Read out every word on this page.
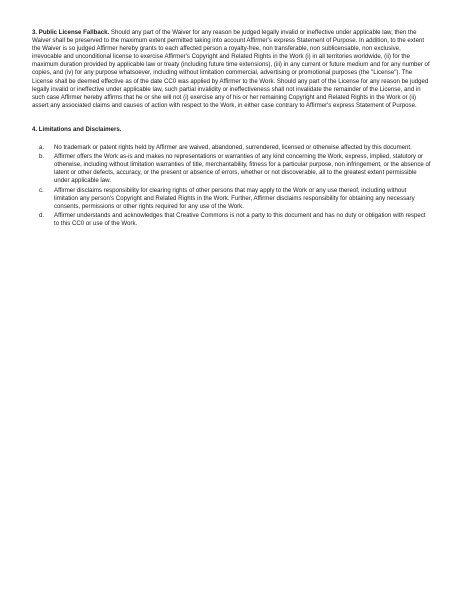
3. Public License Fallback. Should any part of the Waiver for any reason be judged legally invalid or ineffective under applicable law, then the Waiver shall be preserved to the maximum extent permitted taking into account Affirmer's express Statement of Purpose. In addition, to the extent the Waiver is so judged Affirmer hereby grants to each affected person a royalty-free, non transferable, non sublicensable, non exclusive, irrevocable and unconditional license to exercise Affirmer's Copyright and Related Rights in the Work (i) in all territories worldwide, (ii) for the maximum duration provided by applicable law or treaty (including future time extensions), (iii) in any current or future medium and for any number of copies, and (iv) for any purpose whatsoever, including without limitation commercial, advertising or promotional purposes (the "License"). The License shall be deemed effective as of the date CC0 was applied by Affirmer to the Work. Should any part of the License for any reason be judged legally invalid or ineffective under applicable law, such partial invalidity or ineffectiveness shall not invalidate the remainder of the License, and in such case Affirmer hereby affirms that he or she will not (i) exercise any of his or her remaining Copyright and Related Rights in the Work or (ii) assert any associated claims and causes of action with respect to the Work, in either case contrary to Affirmer's express Statement of Purpose.

4. Limitations and Disclaimers.
a. No trademark or patent rights held by Affirmer are waived, abandoned, surrendered, licensed or otherwise affected by this document.
b. Affirmer offers the Work as-is and makes no representations or warranties of any kind concerning the Work, express, implied, statutory or otherwise, including without limitation warranties of title, merchantability, fitness for a particular purpose, non infringement, or the absence of latent or other defects, accuracy, or the present or absence of errors, whether or not discoverable, all to the greatest extent permissible under applicable law.
c. Affirmer disclaims responsibility for clearing rights of other persons that may apply to the Work or any use thereof, including without limitation any person's Copyright and Related Rights in the Work. Further, Affirmer disclaims responsibility for obtaining any necessary consents, permissions or other rights required for any use of the Work.
d. Affirmer understands and acknowledges that Creative Commons is not a party to this document and has no duty or obligation with respect to this CC0 or use of the Work.
